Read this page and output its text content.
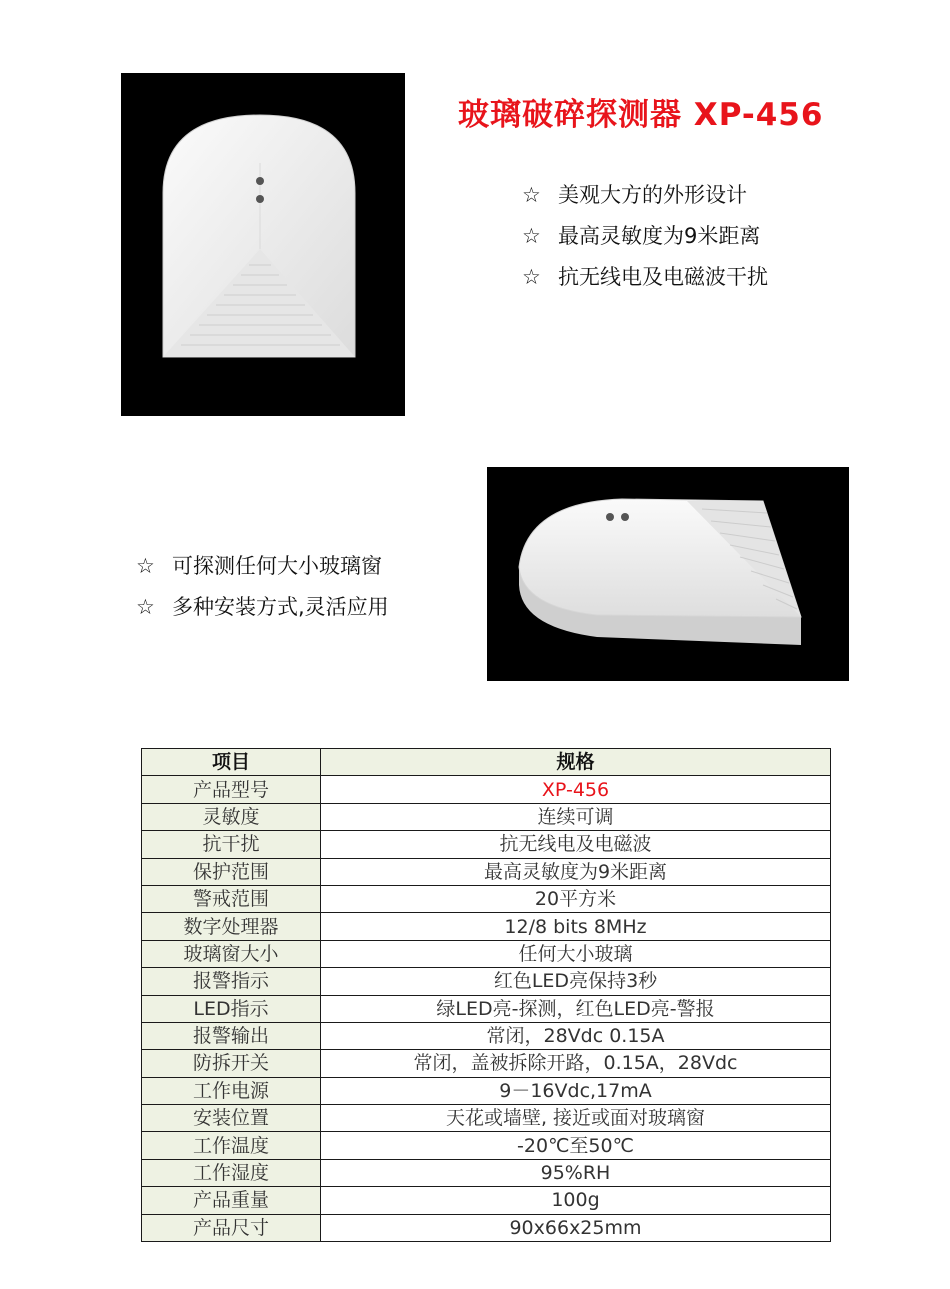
玻璃破碎探测器 XP-456
☆ 美观大方的外形设计
☆ 最高灵敏度为9米距离
☆ 抗无线电及电磁波干扰
☆ 可探测任何大小玻璃窗
☆ 多种安装方式,灵活应用
项目	规格
产品型号	XP-456
灵敏度	连续可调
抗干扰	抗无线电及电磁波
保护范围	最高灵敏度为9米距离
警戒范围	20平方米
数字处理器	12/8 bits 8MHz
玻璃窗大小	任何大小玻璃
报警指示	红色LED亮保持3秒
LED指示	绿LED亮-探测，红色LED亮-警报
报警输出	常闭，28Vdc 0.15A
防拆开关	常闭，盖被拆除开路，0.15A，28Vdc
工作电源	9－16Vdc,17mA
安装位置	天花或墙壁, 接近或面对玻璃窗
工作温度	-20℃至50℃
工作湿度	95%RH
产品重量	100g
产品尺寸	90x66x25mm
